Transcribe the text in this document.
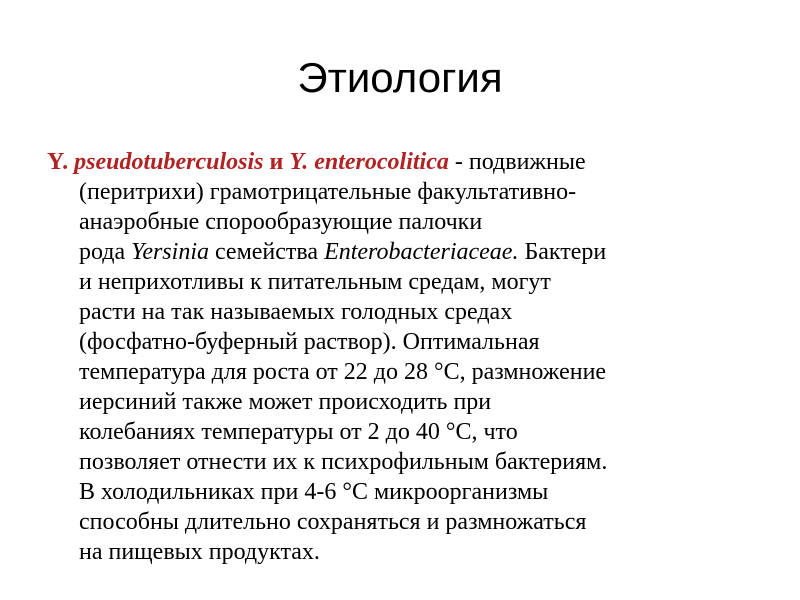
Этиология
Y. pseudotuberculosis и Y. enterocolitica - подвижные
(перитрихи) грамотрицательные факультативно-
анаэробные спорообразующие палочки
рода Yersinia семейства Enterobacteriaceae. Бактери
и неприхотливы к питательным средам, могут
расти на так называемых голодных средах
(фосфатно-буферный раствор). Оптимальная
температура для роста от 22 до 28 °С, размножение
иерсиний также может происходить при
колебаниях температуры от 2 до 40 °С, что
позволяет отнести их к психрофильным бактериям.
В холодильниках при 4-6 °С микроорганизмы
способны длительно сохраняться и размножаться
на пищевых продуктах.
